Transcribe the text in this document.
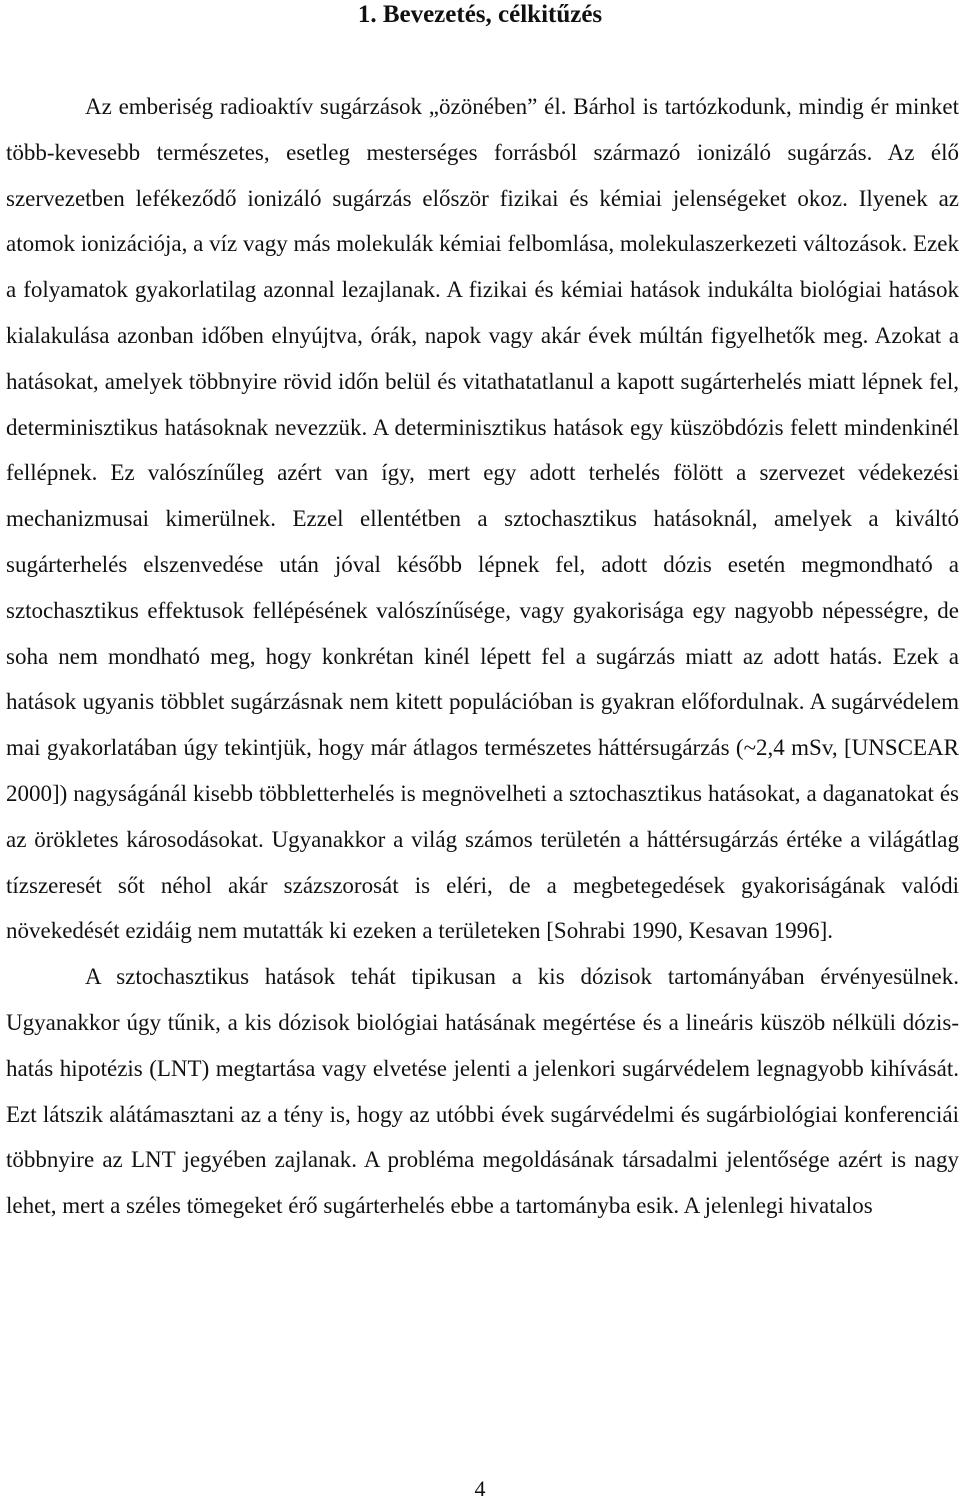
1. Bevezetés, célkitűzés

Az emberiség radioaktív sugárzások „özönében” él. Bárhol is tartózkodunk, mindig ér minket több-kevesebb természetes, esetleg mesterséges forrásból származó ionizáló sugárzás. Az élő szervezetben lefékeződő ionizáló sugárzás először fizikai és kémiai jelenségeket okoz. Ilyenek az atomok ionizációja, a víz vagy más molekulák kémiai felbomlása, molekulaszerkezeti változások. Ezek a folyamatok gyakorlatilag azonnal lezajlanak. A fizikai és kémiai hatások indukálta biológiai hatások kialakulása azonban időben elnyújtva, órák, napok vagy akár évek múltán figyelhetők meg. Azokat a hatásokat, amelyek többnyire rövid időn belül és vitathatatlanul a kapott sugárterhelés miatt lépnek fel, determinisztikus hatásoknak nevezzük. A determinisztikus hatások egy küszöbdózis felett mindenkinél fellépnek. Ez valószínűleg azért van így, mert egy adott terhelés fölött a szervezet védekezési mechanizmusai kimerülnek. Ezzel ellentétben a sztochasztikus hatásoknál, amelyek a kiváltó sugárterhelés elszenvedése után jóval később lépnek fel, adott dózis esetén megmondható a sztochasztikus effektusok fellépésének valószínűsége, vagy gyakorisága egy nagyobb népességre, de soha nem mondható meg, hogy konkrétan kinél lépett fel a sugárzás miatt az adott hatás. Ezek a hatások ugyanis többlet sugárzásnak nem kitett populációban is gyakran előfordulnak. A sugárvédelem mai gyakorlatában úgy tekintjük, hogy már átlagos természetes háttérsugárzás (~2,4 mSv, [UNSCEAR 2000]) nagyságánál kisebb többletterhelés is megnövelheti a sztochasztikus hatásokat, a daganatokat és az örökletes károsodásokat. Ugyanakkor a világ számos területén a háttérsugárzás értéke a világátlag tízszeresét sőt néhol akár százszorosát is eléri, de a megbetegedések gyakoriságának valódi növekedését ezidáig nem mutatták ki ezeken a területeken [Sohrabi 1990, Kesavan 1996].

A sztochasztikus hatások tehát tipikusan a kis dózisok tartományában érvényesülnek. Ugyanakkor úgy tűnik, a kis dózisok biológiai hatásának megértése és a lineáris küszöb nélküli dózis-hatás hipotézis (LNT) megtartása vagy elvetése jelenti a jelenkori sugárvédelem legnagyobb kihívását. Ezt látszik alátámasztani az a tény is, hogy az utóbbi évek sugárvédelmi és sugárbiológiai konferenciái többnyire az LNT jegyében zajlanak. A probléma megoldásának társadalmi jelentősége azért is nagy lehet, mert a széles tömegeket érő sugárterhelés ebbe a tartományba esik. A jelenlegi hivatalos

4
